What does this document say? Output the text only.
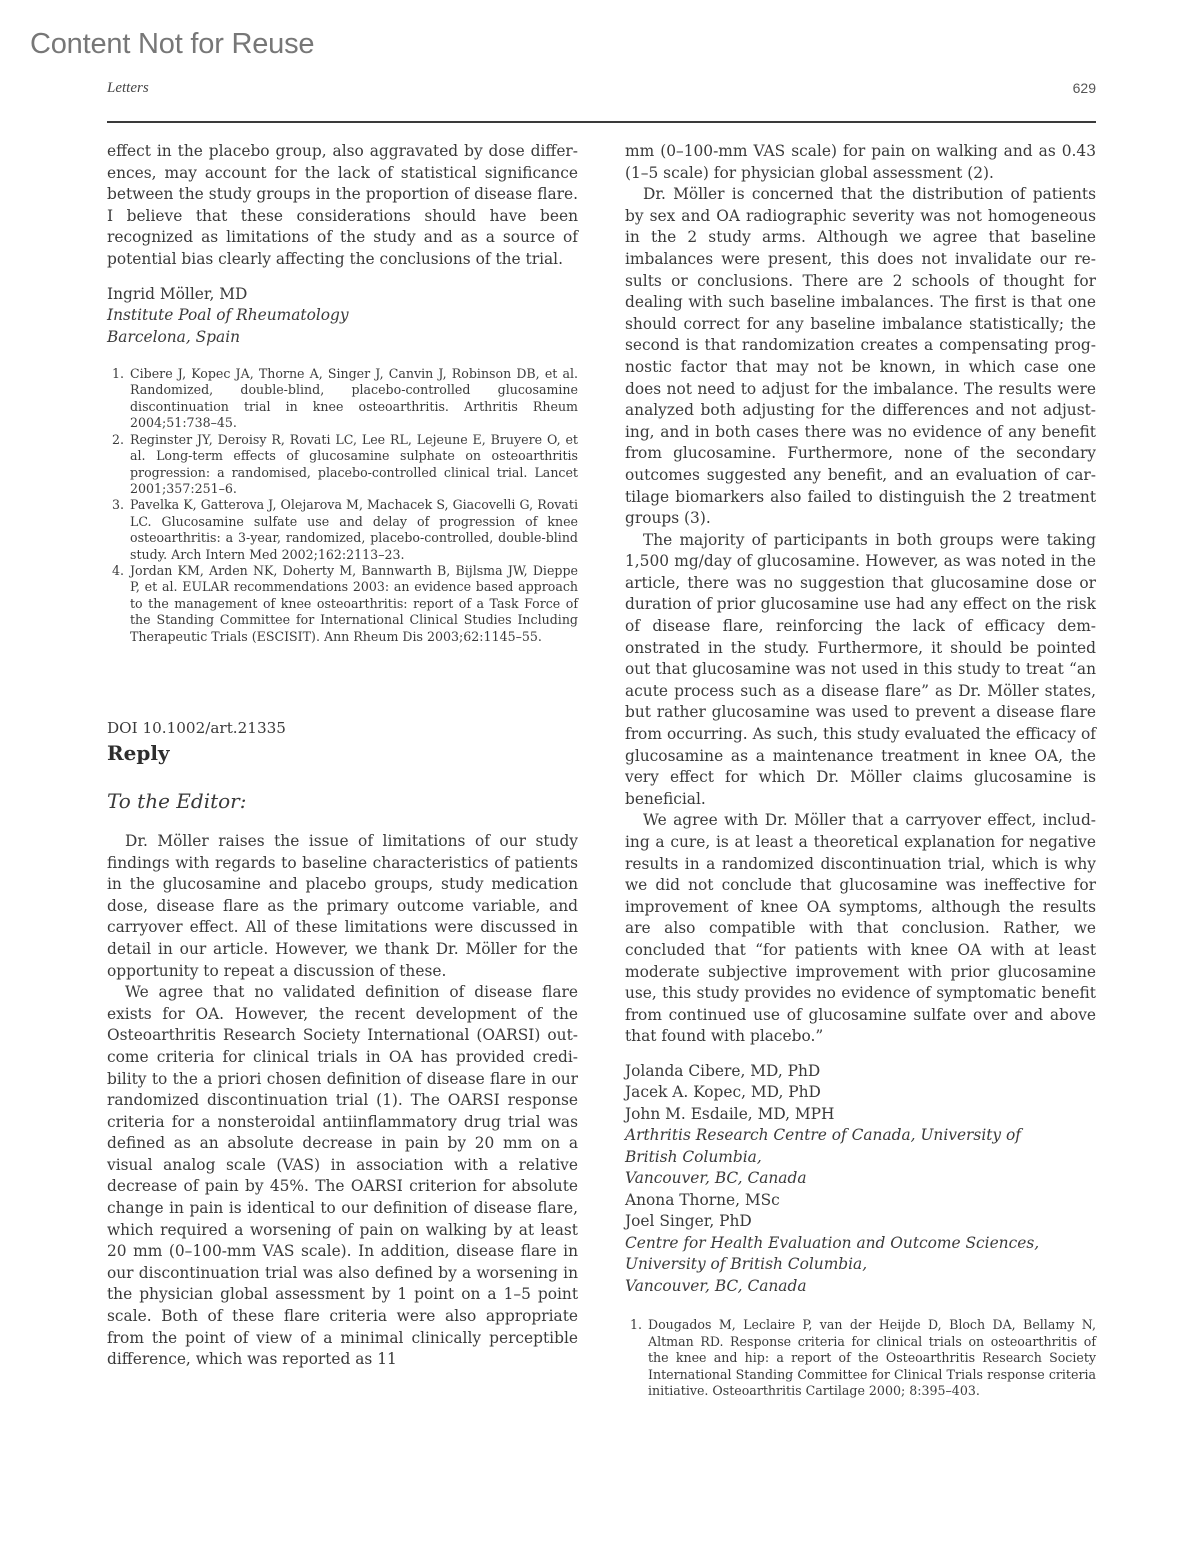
Content Not for Reuse
Letters	629

effect in the placebo group, also aggravated by dose differences, may account for the lack of statistical significance between the study groups in the proportion of disease flare. I believe that these considerations should have been recognized as limitations of the study and as a source of potential bias clearly affecting the conclusions of the trial.

Ingrid Möller, MD
Institute Poal of Rheumatology
Barcelona, Spain
1. Cibere J, Kopec JA, Thorne A, Singer J, Canvin J, Robinson DB, et al. Randomized, double-blind, placebo-controlled glucosamine discontinuation trial in knee osteoarthritis. Arthritis Rheum 2004;51:738–45.
2. Reginster JY, Deroisy R, Rovati LC, Lee RL, Lejeune E, Bruyere O, et al. Long-term effects of glucosamine sulphate on osteoarthritis progression: a randomised, placebo-controlled clinical trial. Lancet 2001;357:251–6.
3. Pavelka K, Gatterova J, Olejarova M, Machacek S, Giacovelli G, Rovati LC. Glucosamine sulfate use and delay of progression of knee osteoarthritis: a 3-year, randomized, placebo-controlled, double-blind study. Arch Intern Med 2002;162:2113–23.
4. Jordan KM, Arden NK, Doherty M, Bannwarth B, Bijlsma JW, Dieppe P, et al. EULAR recommendations 2003: an evidence based approach to the management of knee osteoarthritis: report of a Task Force of the Standing Committee for International Clinical Studies Including Therapeutic Trials (ESCISIT). Ann Rheum Dis 2003;62:1145–55.

DOI 10.1002/art.21335

Reply

To the Editor:

Dr. Möller raises the issue of limitations of our study findings with regards to baseline characteristics of patients in the glucosamine and placebo groups, study medication dose, disease flare as the primary outcome variable, and carryover effect. All of these limitations were discussed in detail in our article. However, we thank Dr. Möller for the opportunity to repeat a discussion of these.

We agree that no validated definition of disease flare exists for OA. However, the recent development of the Osteoarthritis Research Society International (OARSI) outcome criteria for clinical trials in OA has provided credibility to the a priori chosen definition of disease flare in our randomized discontinuation trial (1). The OARSI response criteria for a nonsteroidal antiinflammatory drug trial was defined as an absolute decrease in pain by 20 mm on a visual analog scale (VAS) in association with a relative decrease of pain by 45%. The OARSI criterion for absolute change in pain is identical to our definition of disease flare, which required a worsening of pain on walking by at least 20 mm (0–100-mm VAS scale). In addition, disease flare in our discontinuation trial was also defined by a worsening in the physician global assessment by 1 point on a 1–5 point scale. Both of these flare criteria were also appropriate from the point of view of a minimal clinically perceptible difference, which was reported as 11

mm (0–100-mm VAS scale) for pain on walking and as 0.43 (1–5 scale) for physician global assessment (2).

Dr. Möller is concerned that the distribution of patients by sex and OA radiographic severity was not homogeneous in the 2 study arms. Although we agree that baseline imbalances were present, this does not invalidate our results or conclusions. There are 2 schools of thought for dealing with such baseline imbalances. The first is that one should correct for any baseline imbalance statistically; the second is that randomization creates a compensating prognostic factor that may not be known, in which case one does not need to adjust for the imbalance. The results were analyzed both adjusting for the differences and not adjusting, and in both cases there was no evidence of any benefit from glucosamine. Furthermore, none of the secondary outcomes suggested any benefit, and an evaluation of cartilage biomarkers also failed to distinguish the 2 treatment groups (3).

The majority of participants in both groups were taking 1,500 mg/day of glucosamine. However, as was noted in the article, there was no suggestion that glucosamine dose or duration of prior glucosamine use had any effect on the risk of disease flare, reinforcing the lack of efficacy demonstrated in the study. Furthermore, it should be pointed out that glucosamine was not used in this study to treat “an acute process such as a disease flare” as Dr. Möller states, but rather glucosamine was used to prevent a disease flare from occurring. As such, this study evaluated the efficacy of glucosamine as a maintenance treatment in knee OA, the very effect for which Dr. Möller claims glucosamine is beneficial.

We agree with Dr. Möller that a carryover effect, including a cure, is at least a theoretical explanation for negative results in a randomized discontinuation trial, which is why we did not conclude that glucosamine was ineffective for improvement of knee OA symptoms, although the results are also compatible with that conclusion. Rather, we concluded that “for patients with knee OA with at least moderate subjective improvement with prior glucosamine use, this study provides no evidence of symptomatic benefit from continued use of glucosamine sulfate over and above that found with placebo.”

Jolanda Cibere, MD, PhD
Jacek A. Kopec, MD, PhD
John M. Esdaile, MD, MPH
Arthritis Research Centre of Canada, University of
British Columbia,
Vancouver, BC, Canada
Anona Thorne, MSc
Joel Singer, PhD
Centre for Health Evaluation and Outcome Sciences,
University of British Columbia,
Vancouver, BC, Canada
1. Dougados M, Leclaire P, van der Heijde D, Bloch DA, Bellamy N, Altman RD. Response criteria for clinical trials on osteoarthritis of the knee and hip: a report of the Osteoarthritis Research Society International Standing Committee for Clinical Trials response criteria initiative. Osteoarthritis Cartilage 2000; 8:395–403.
